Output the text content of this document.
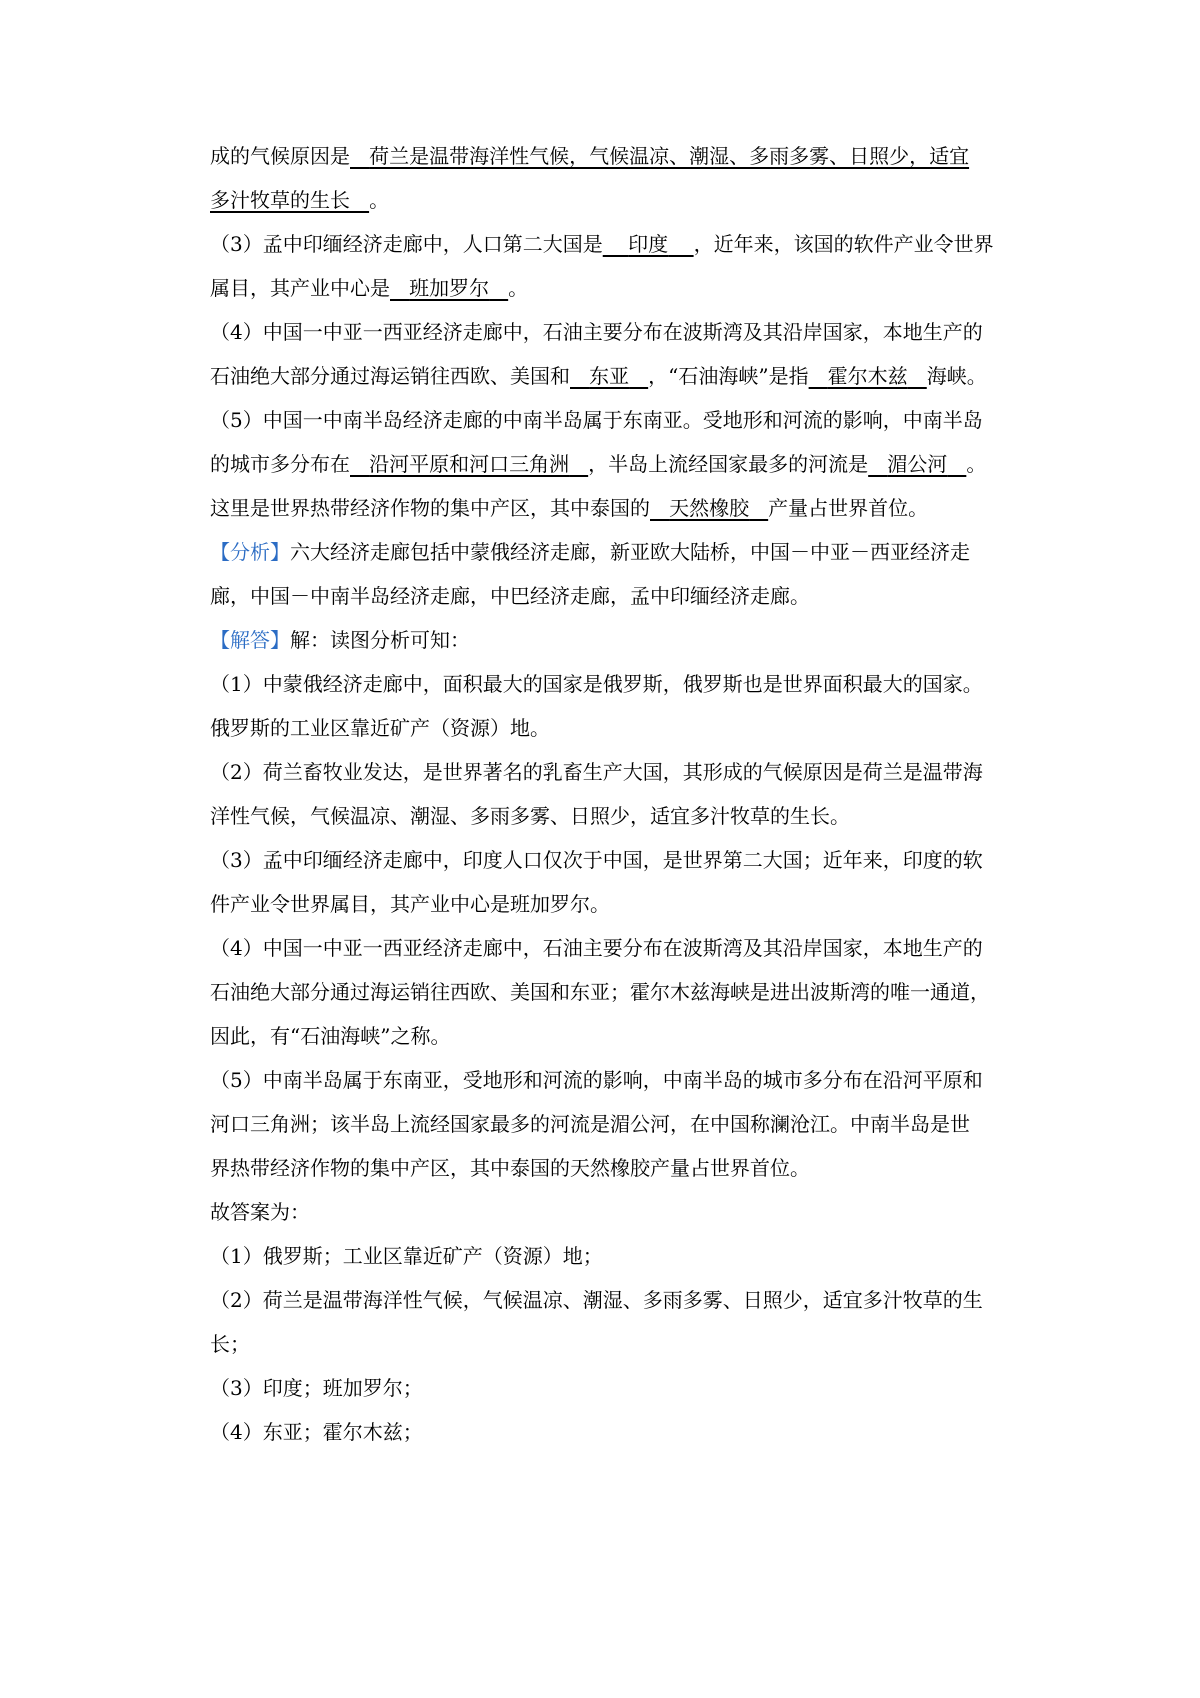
成的气候原因是 荷兰是温带海洋性气候，气候温凉、潮湿、多雨多雾、日照少，适宜
多汁牧草的生长 。
（3）孟中印缅经济走廊中，人口第二大国是 印度 ，近年来，该国的软件产业令世界
属目，其产业中心是 班加罗尔 。
（4）中国一中亚一西亚经济走廊中，石油主要分布在波斯湾及其沿岸国家，本地生产的
石油绝大部分通过海运销往西欧、美国和 东亚 ，“石油海峡”是指 霍尔木兹 海峡。
（5）中国一中南半岛经济走廊的中南半岛属于东南亚。受地形和河流的影响，中南半岛
的城市多分布在 沿河平原和河口三角洲 ，半岛上流经国家最多的河流是 湄公河 。
这里是世界热带经济作物的集中产区，其中泰国的 天然橡胶 产量占世界首位。
【分析】六大经济走廊包括中蒙俄经济走廊，新亚欧大陆桥，中国－中亚－西亚经济走
廊，中国－中南半岛经济走廊，中巴经济走廊，孟中印缅经济走廊。
【解答】解：读图分析可知：
（1）中蒙俄经济走廊中，面积最大的国家是俄罗斯，俄罗斯也是世界面积最大的国家。
俄罗斯的工业区靠近矿产（资源）地。
（2）荷兰畜牧业发达，是世界著名的乳畜生产大国，其形成的气候原因是荷兰是温带海
洋性气候，气候温凉、潮湿、多雨多雾、日照少，适宜多汁牧草的生长。
（3）孟中印缅经济走廊中，印度人口仅次于中国，是世界第二大国；近年来，印度的软
件产业令世界属目，其产业中心是班加罗尔。
（4）中国一中亚一西亚经济走廊中，石油主要分布在波斯湾及其沿岸国家，本地生产的
石油绝大部分通过海运销往西欧、美国和东亚；霍尔木兹海峡是进出波斯湾的唯一通道，
因此，有“石油海峡”之称。
（5）中南半岛属于东南亚，受地形和河流的影响，中南半岛的城市多分布在沿河平原和
河口三角洲；该半岛上流经国家最多的河流是湄公河，在中国称澜沧江。中南半岛是世
界热带经济作物的集中产区，其中泰国的天然橡胶产量占世界首位。
故答案为：
（1）俄罗斯；工业区靠近矿产（资源）地；
（2）荷兰是温带海洋性气候，气候温凉、潮湿、多雨多雾、日照少，适宜多汁牧草的生
长；
（3）印度；班加罗尔；
（4）东亚；霍尔木兹；
